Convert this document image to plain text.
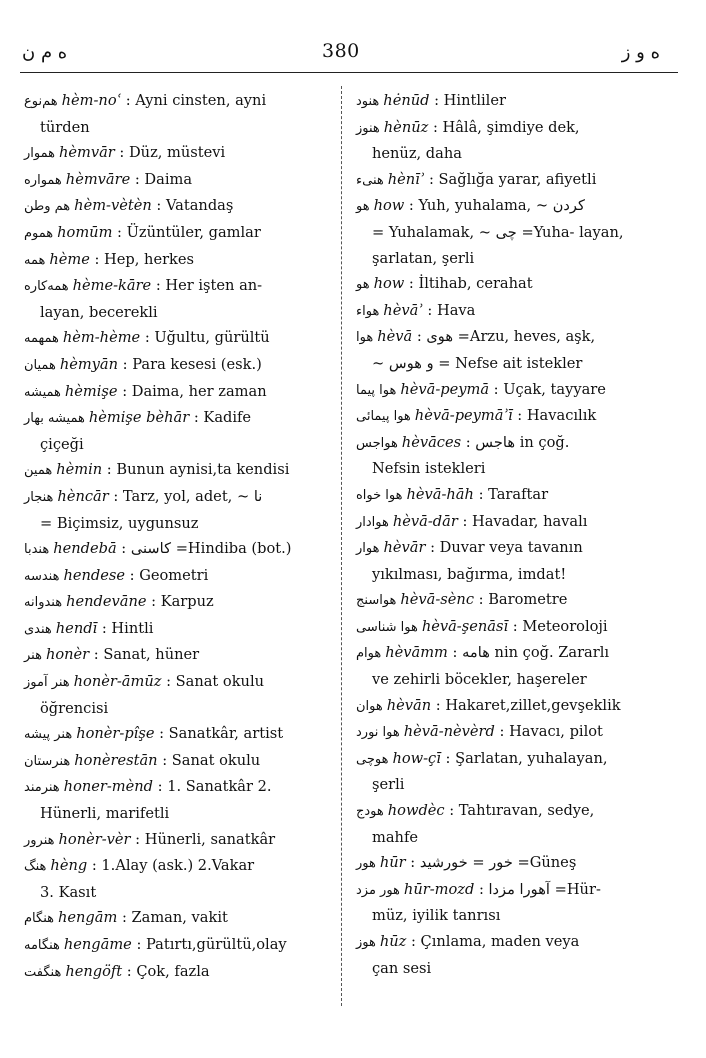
ه م ن	380	ه و ز
هم‌نوع hèm-noʿ : Ayni cinsten, ayni
türden
هموار hèmvār : Düz, müstevi
همواره hèmvāre : Daima
هم وطن hèm-vètèn : Vatandaş
هموم homūm : Üzüntüler, gamlar
همه hème : Hep, herkes
همه‌کاره hème-kāre : Her işten an-
layan, becerekli
همهمه hèm-hème : Uğultu, gürültü
همیان hèmyān : Para kesesi (esk.)
همیشه hèmişe : Daima, her zaman
همیشه بهار hèmişe bèhār : Kadife
çiçeği
همین hèmin : Bunun aynisi,ta kendisi
هنجار hèncār : Tarz, yol, adet, ~ نا
= Biçimsiz, uygunsuz
هندبا hendebā : کاسنی =Hindiba (bot.)
هندسه hendese : Geometri
هندوانه hendevāne : Karpuz
هندی hendī : Hintli
هنر honèr : Sanat, hüner
هنر آموز honèr-āmūz : Sanat okulu
öğrencisi
هنر پیشه honèr-pîşe : Sanatkâr, artist
هنرستان honèrestān : Sanat okulu
هنرمند honer-mènd : 1. Sanatkâr 2.
Hünerli, marifetli
هنرور honèr-vèr : Hünerli, sanatkâr
هنگ hèng : 1.Alay (ask.) 2.Vakar
3. Kasıt
هنگام hengām : Zaman, vakit
هنگامه hengāme : Patırtı,gürültü,olay
هنگفت hengöft : Çok, fazla
هنود hėnūd : Hintliler
هنوز hènūz : Hâlâ, şimdiye dek,
henüz, daha
هنیء hènīʾ : Sağlığa yarar, afiyetli
هو how : Yuh, yuhalama, ~ کردن
= Yuhalamak, ~ چی =Yuha- layan, şarlatan, şerli
هو how : İltihab, cerahat
هواء hèvāʾ : Hava
هوا hèvā : هوی =Arzu, heves, aşk,
~ و هوس = Nefse ait istekler
هوا پیما hèvā-peymā : Uçak, tayyare
هوا پیمائی hèvā-peymāʾī : Havacılık
هواجس hèvāces : هاجس in çoğ.
Nefsin istekleri
هوا خواه hèvā-hāh : Taraftar
هوادار hèvā-dār : Havadar, havalı
هوار hèvār : Duvar veya tavanın
yıkılması, bağırma, imdat!
هواسنج hèvā-sènc : Barometre
هوا شناسی hèvā-şenāsī : Meteoroloji
هوام hèvāmm : هامه nin çoğ. Zararlı
ve zehirli böcekler, haşereler
هوان hèvān : Hakaret,zillet,gevşeklik
هوا نورد hèvā-nèvèrd : Havacı, pilot
هوچی how-çī : Şarlatan, yuhalayan,
şerli
هودج howdèc : Tahtıravan, sedye,
mahfe
هور hūr : خور = خورشید =Güneş
هور مزد hūr-mozd : آهورا مزدا =Hür-
müz, iyilik tanrısı
هوز hūz : Çınlama, maden veya
çan sesi
